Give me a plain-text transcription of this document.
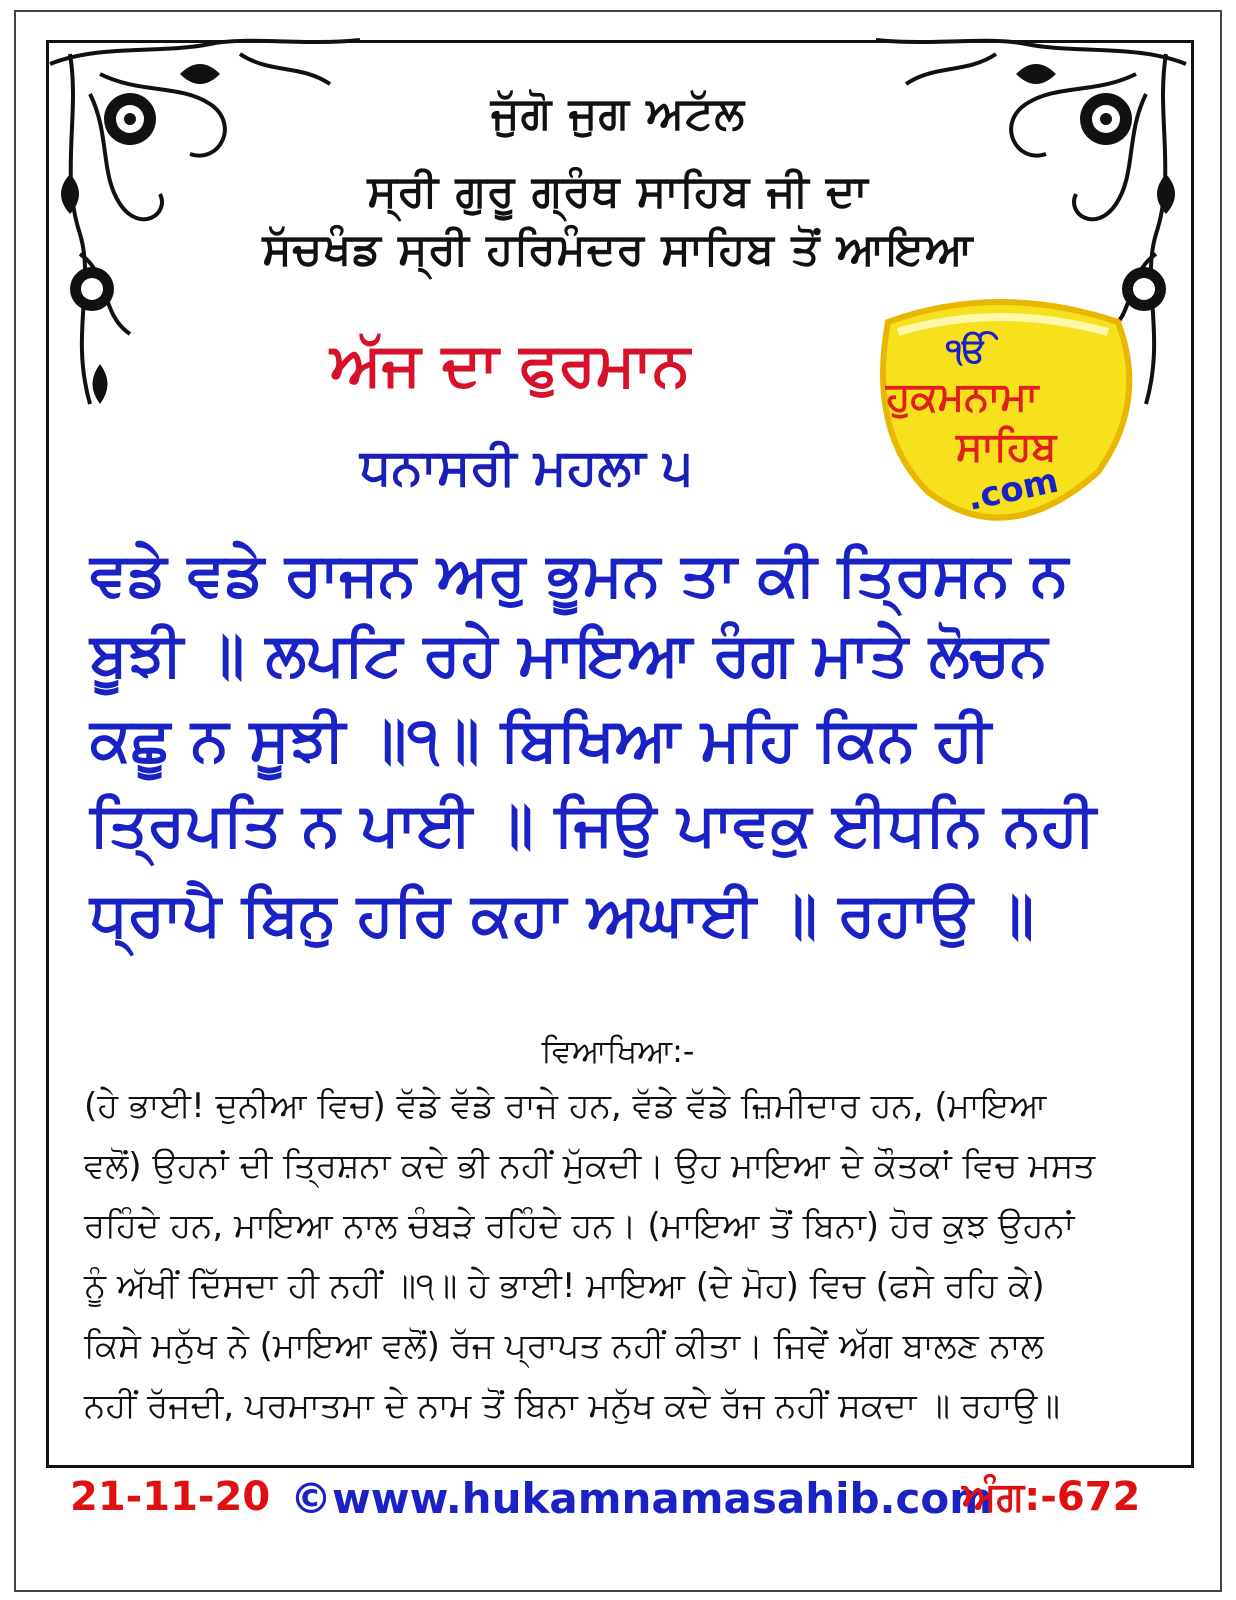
ਜੁੱਗੋ ਜੁਗ ਅਟੱਲ
ਸ੍ਰੀ ਗੁਰੂ ਗ੍ਰੰਥ ਸਾਹਿਬ ਜੀ ਦਾ
ਸੱਚਖੰਡ ਸ੍ਰੀ ਹਰਿਮੰਦਰ ਸਾਹਿਬ ਤੋਂ ਆਇਆ
ਅੱਜ ਦਾ ਫੁਰਮਾਨ
ਧਨਾਸਰੀ ਮਹਲਾ ੫
ੴ
ਹੁਕਮਨਾਮਾ
ਸਾਹਿਬ
.com
ਵਡੇ ਵਡੇ ਰਾਜਨ ਅਰੁ ਭੂਮਨ ਤਾ ਕੀ ਤ੍ਰਿਸਨ ਨ
ਬੂਝੀ ॥ ਲਪਟਿ ਰਹੇ ਮਾਇਆ ਰੰਗ ਮਾਤੇ ਲੋਚਨ
ਕਛੂ ਨ ਸੂਝੀ ॥੧॥ ਬਿਖਿਆ ਮਹਿ ਕਿਨ ਹੀ
ਤ੍ਰਿਪਤਿ ਨ ਪਾਈ ॥ ਜਿਉ ਪਾਵਕੁ ਈਧਨਿ ਨਹੀ
ਧ੍ਰਾਪੈ ਬਿਨੁ ਹਰਿ ਕਹਾ ਅਘਾਈ ॥ ਰਹਾਉ ॥
ਵਿਆਖਿਆ:-
(ਹੇ ਭਾਈ! ਦੁਨੀਆ ਵਿਚ) ਵੱਡੇ ਵੱਡੇ ਰਾਜੇ ਹਨ, ਵੱਡੇ ਵੱਡੇ ਜ਼ਿਮੀਦਾਰ ਹਨ, (ਮਾਇਆ
ਵਲੋਂ) ਉਹਨਾਂ ਦੀ ਤ੍ਰਿਸ਼ਨਾ ਕਦੇ ਭੀ ਨਹੀਂ ਮੁੱਕਦੀ। ਉਹ ਮਾਇਆ ਦੇ ਕੌਤਕਾਂ ਵਿਚ ਮਸਤ
ਰਹਿੰਦੇ ਹਨ, ਮਾਇਆ ਨਾਲ ਚੰਬੜੇ ਰਹਿੰਦੇ ਹਨ। (ਮਾਇਆ ਤੋਂ ਬਿਨਾ) ਹੋਰ ਕੁਝ ਉਹਨਾਂ
ਨੂੰ ਅੱਖੀਂ ਦਿੱਸਦਾ ਹੀ ਨਹੀਂ ॥੧॥ ਹੇ ਭਾਈ! ਮਾਇਆ (ਦੇ ਮੋਹ) ਵਿਚ (ਫਸੇ ਰਹਿ ਕੇ)
ਕਿਸੇ ਮਨੁੱਖ ਨੇ (ਮਾਇਆ ਵਲੋਂ) ਰੱਜ ਪ੍ਰਾਪਤ ਨਹੀਂ ਕੀਤਾ। ਜਿਵੇਂ ਅੱਗ ਬਾਲਣ ਨਾਲ
ਨਹੀਂ ਰੱਜਦੀ, ਪਰਮਾਤਮਾ ਦੇ ਨਾਮ ਤੋਂ ਬਿਨਾ ਮਨੁੱਖ ਕਦੇ ਰੱਜ ਨਹੀਂ ਸਕਦਾ ॥ ਰਹਾਉ॥
21-11-20 ©www.hukamnamasahib.com
ਅੰਗ:-672
